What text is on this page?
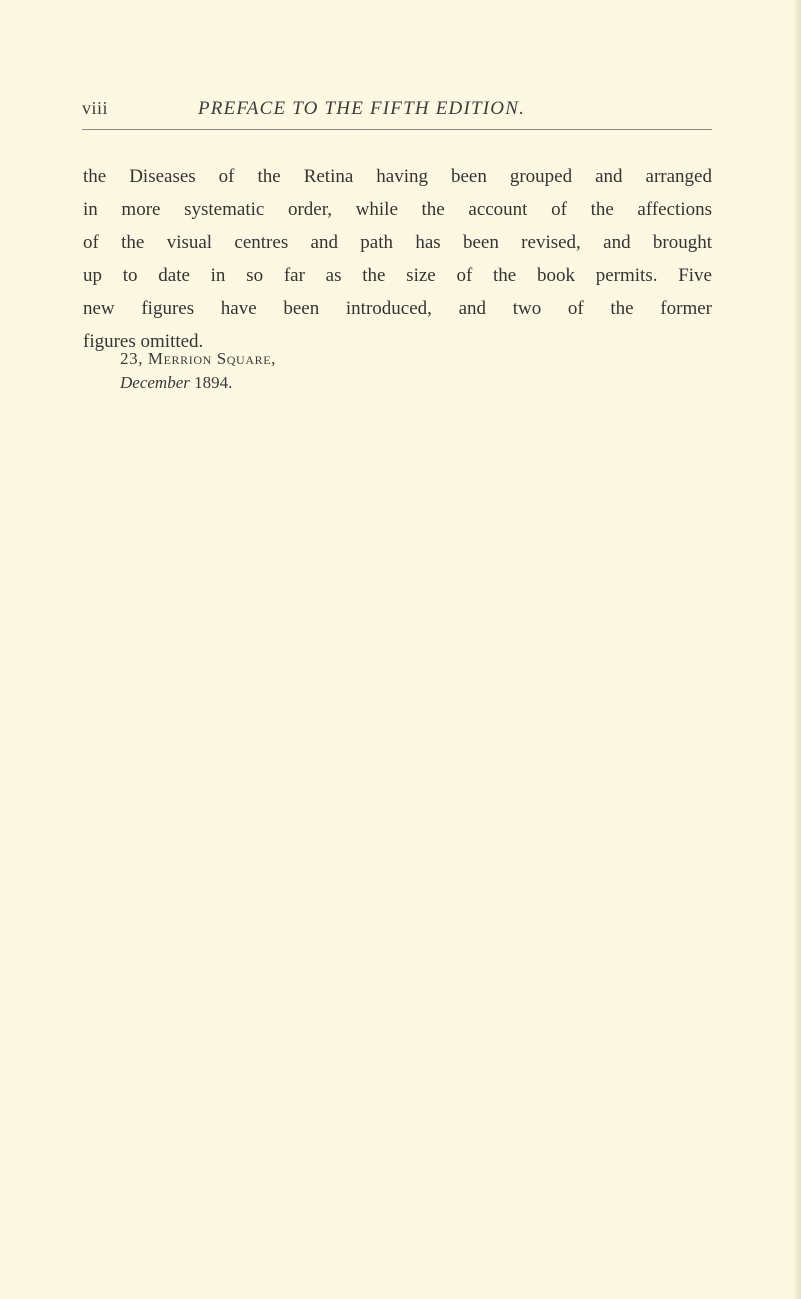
viii	PREFACE TO THE FIFTH EDITION.
the Diseases of the Retina having been grouped and arranged
in more systematic order, while the account of the affections
of the visual centres and path has been revised, and brought
up to date in so far as the size of the book permits. Five
new figures have been introduced, and two of the former
figures omitted.
23, Merrion Square,
December 1894.
